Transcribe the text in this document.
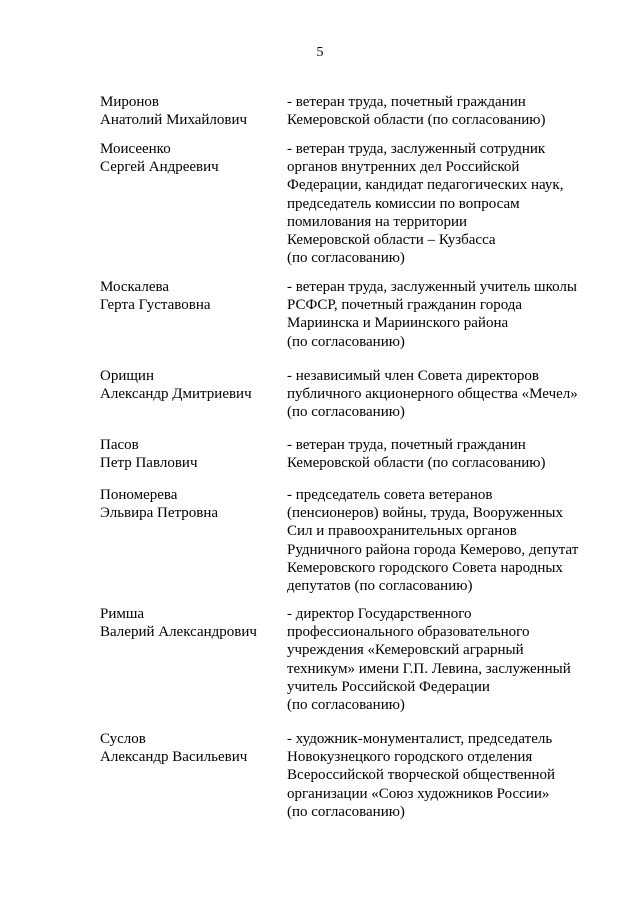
5
Миронов
Анатолий Михайлович
- ветеран труда, почетный гражданин
Кемеровской области (по согласованию)
Моисеенко
Сергей Андреевич
- ветеран труда, заслуженный сотрудник
органов внутренних дел Российской
Федерации, кандидат педагогических наук,
председатель комиссии по вопросам
помилования на территории
Кемеровской области – Кузбасса
(по согласованию)
Москалева
Герта Густавовна
- ветеран труда, заслуженный учитель школы
РСФСР, почетный гражданин города
Мариинска и Мариинского района
(по согласованию)
Орищин
Александр Дмитриевич
- независимый член Совета директоров
публичного акционерного общества «Мечел»
(по согласованию)
Пасов
Петр Павлович
- ветеран труда, почетный гражданин
Кемеровской области (по согласованию)
Пономерева
Эльвира Петровна
- председатель совета ветеранов
(пенсионеров) войны, труда, Вооруженных
Сил и правоохранительных органов
Рудничного района города Кемерово, депутат
Кемеровского городского Совета народных
депутатов (по согласованию)
Римша
Валерий Александрович
- директор Государственного
профессионального образовательного
учреждения «Кемеровский аграрный
техникум» имени Г.П. Левина, заслуженный
учитель Российской Федерации
(по согласованию)
Суслов
Александр Васильевич
- художник-монументалист, председатель
Новокузнецкого городского отделения
Всероссийской творческой общественной
организации «Союз художников России»
(по согласованию)
